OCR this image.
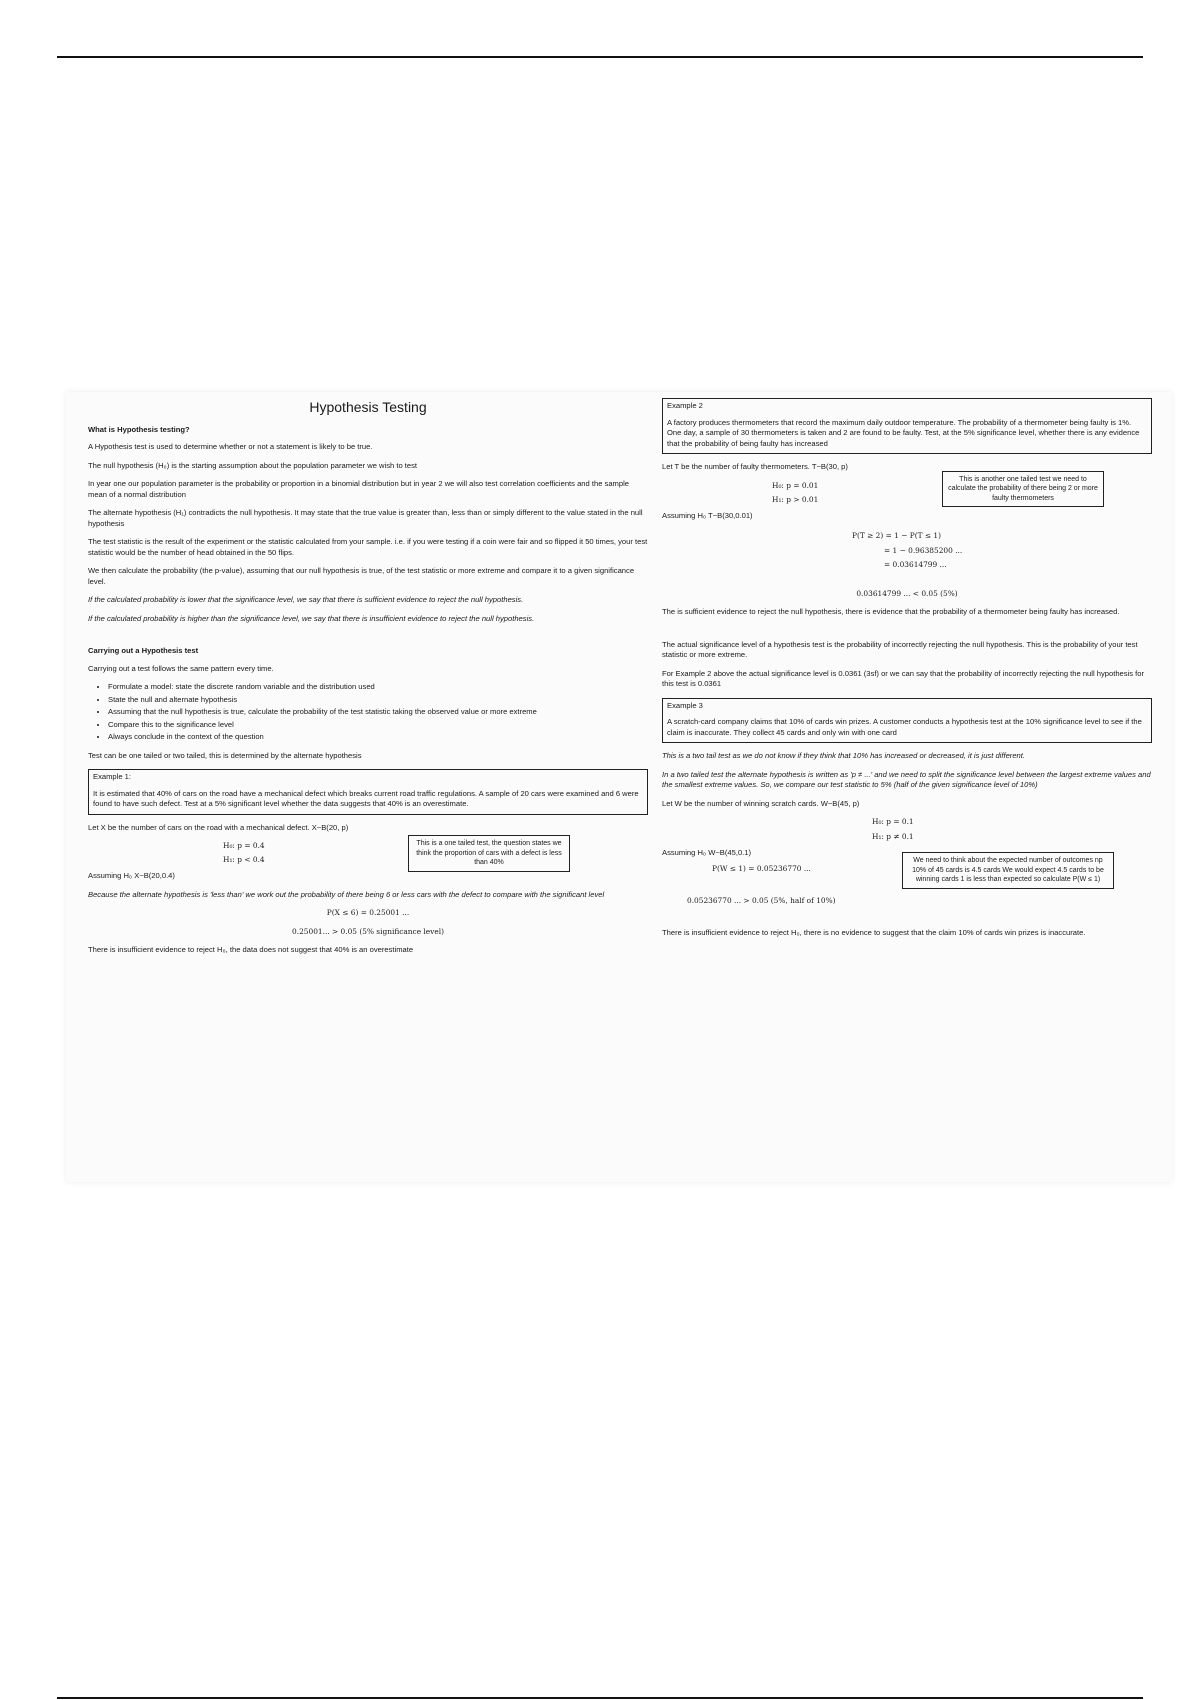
Hypothesis Testing
What is Hypothesis testing?

A Hypothesis test is used to determine whether or not a statement is likely to be true.

The null hypothesis (H₀) is the starting assumption about the population parameter we wish to test

In year one our population parameter is the probability or proportion in a binomial distribution but in year 2 we will also test correlation coefficients and the sample mean of a normal distribution

The alternate hypothesis (H₁) contradicts the null hypothesis. It may state that the true value is greater than, less than or simply different to the value stated in the null hypothesis

The test statistic is the result of the experiment or the statistic calculated from your sample. i.e. if you were testing if a coin were fair and so flipped it 50 times, your test statistic would be the number of head obtained in the 50 flips.

We then calculate the probability (the p-value), assuming that our null hypothesis is true, of the test statistic or more extreme and compare it to a given significance level.

If the calculated probability is lower that the significance level, we say that there is sufficient evidence to reject the null hypothesis.

If the calculated probability is higher than the significance level, we say that there is insufficient evidence to reject the null hypothesis.

Carrying out a Hypothesis test

Carrying out a test follows the same pattern every time.

• Formulate a model: state the discrete random variable and the distribution used
• State the null and alternate hypothesis
• Assuming that the null hypothesis is true, calculate the probability of the test statistic taking the observed value or more extreme
• Compare this to the significance level
• Always conclude in the context of the question

Test can be one tailed or two tailed, this is determined by the alternate hypothesis

Example 1:
It is estimated that 40% of cars on the road have a mechanical defect which breaks current road traffic regulations. A sample of 20 cars were examined and 6 were found to have such defect. Test at a 5% significant level whether the data suggests that 40% is an overestimate.

Let X be the number of cars on the road with a mechanical defect. X~B(20, p)

H₀: p = 0.4
H₁: p < 0.4
This is a one tailed test, the question states we think the proportion of cars with a defect is less than 40%

Assuming H₀ X~B(20,0.4)

Because the alternate hypothesis is 'less than' we work out the probability of there being 6 or less cars with the defect to compare with the significant level

P(X ≤ 6) = 0.25001 ...

0.25001... > 0.05 (5% significance level)

There is insufficient evidence to reject H₀, the data does not suggest that 40% is an overestimate

Example 2
A factory produces thermometers that record the maximum daily outdoor temperature. The probability of a thermometer being faulty is 1%. One day, a sample of 30 thermometers is taken and 2 are found to be faulty. Test, at the 5% significance level, whether there is any evidence that the probability of being faulty has increased

Let T be the number of faulty thermometers. T~B(30, p)

H₀: p = 0.01
H₁: p > 0.01
This is another one tailed test we need to calculate the probability of there being 2 or more faulty thermometers

Assuming H₀ T~B(30,0.01)

P(T ≥ 2) = 1 − P(T ≤ 1)
= 1 − 0.96385200 ...
= 0.03614799 ...

0.03614799 ... < 0.05 (5%)

The is sufficient evidence to reject the null hypothesis, there is evidence that the probability of a thermometer being faulty has increased.

The actual significance level of a hypothesis test is the probability of incorrectly rejecting the null hypothesis. This is the probability of your test statistic or more extreme.

For Example 2 above the actual significance level is 0.0361 (3sf) or we can say that the probability of incorrectly rejecting the null hypothesis for this test is 0.0361

Example 3
A scratch-card company claims that 10% of cards win prizes. A customer conducts a hypothesis test at the 10% significance level to see if the claim is inaccurate. They collect 45 cards and only win with one card

This is a two tail test as we do not know if they think that 10% has increased or decreased, it is just different.

In a two tailed test the alternate hypothesis is written as 'p ≠ ...' and we need to split the significance level between the largest extreme values and the smallest extreme values. So, we compare our test statistic to 5% (half of the given significance level of 10%)

Let W be the number of winning scratch cards. W~B(45, p)

H₀: p = 0.1
H₁: p ≠ 0.1
Assuming H₀ W~B(45,0.1)
P(W ≤ 1) = 0.05236770 ...
0.05236770 ... > 0.05 (5%, half of 10%)
We need to think about the expected number of outcomes np 10% of 45 cards is 4.5 cards We would expect 4.5 cards to be winning cards 1 is less than expected so calculate P(W ≤ 1)

There is insufficient evidence to reject H₀, there is no evidence to suggest that the claim 10% of cards win prizes is inaccurate.
